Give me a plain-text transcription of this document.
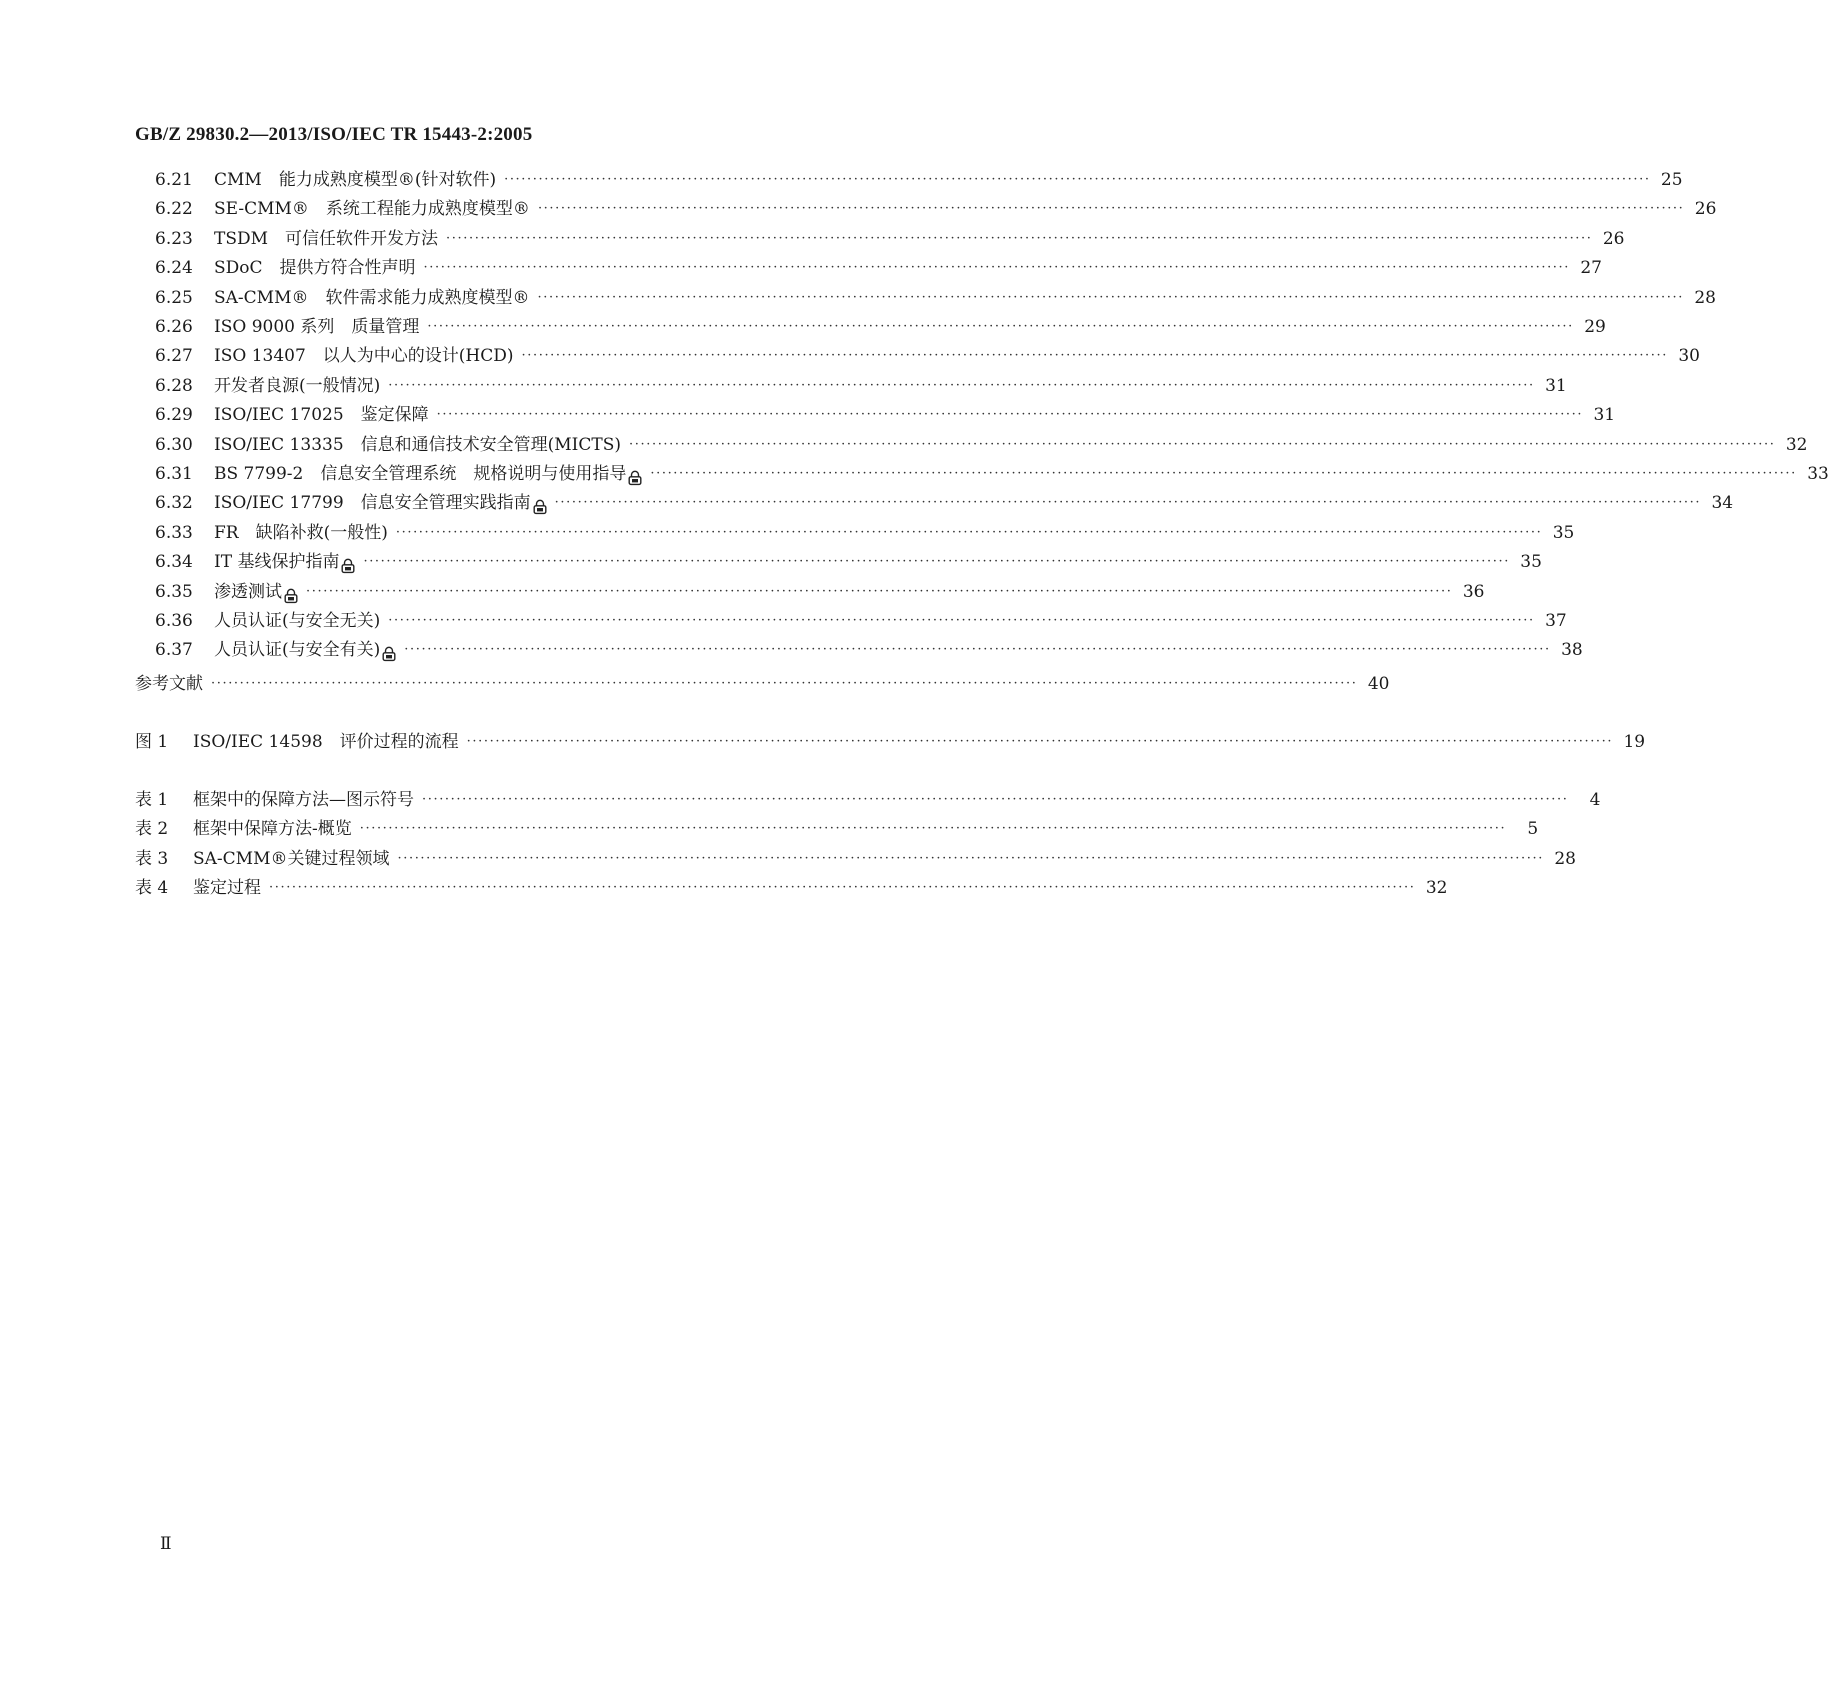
GB/Z 29830.2—2013/ISO/IEC TR 15443-2:2005
6.21	CMM　能力成熟度模型®(针对软件) ········································································································································································································ 25
6.22	SE-CMM®　系统工程能力成熟度模型® ········································································································································································································ 26
6.23	TSDM　可信任软件开发方法 ········································································································································································································ 26
6.24	SDoC　提供方符合性声明 ········································································································································································································ 27
6.25	SA-CMM®　软件需求能力成熟度模型® ········································································································································································································ 28
6.26	ISO 9000 系列　质量管理 ········································································································································································································ 29
6.27	ISO 13407　以人为中心的设计(HCD) ········································································································································································································ 30
6.28	开发者良源(一般情况) ········································································································································································································ 31
6.29	ISO/IEC 17025　鉴定保障 ········································································································································································································ 31
6.30	ISO/IEC 13335　信息和通信技术安全管理(MICTS) ········································································································································································································ 32
6.31	BS 7799-2　信息安全管理系统　规格说明与使用指导 ········································································································································································································ 33
6.32	ISO/IEC 17799　信息安全管理实践指南 ········································································································································································································ 34
6.33	FR　缺陷补救(一般性) ········································································································································································································ 35
6.34	IT 基线保护指南 ········································································································································································································ 35
6.35	渗透测试 ········································································································································································································ 36
6.36	人员认证(与安全无关) ········································································································································································································ 37
6.37	人员认证(与安全有关) ········································································································································································································ 38
参考文献 ········································································································································································································ 40
图 1	ISO/IEC 14598　评价过程的流程 ········································································································································································································ 19
表 1	框架中的保障方法—图示符号 ········································································································································································································	4
表 2	框架中保障方法-概览 ········································································································································································································	5
表 3	SA-CMM®关键过程领域 ········································································································································································································ 28
表 4	鉴定过程 ········································································································································································································ 32
Ⅱ
